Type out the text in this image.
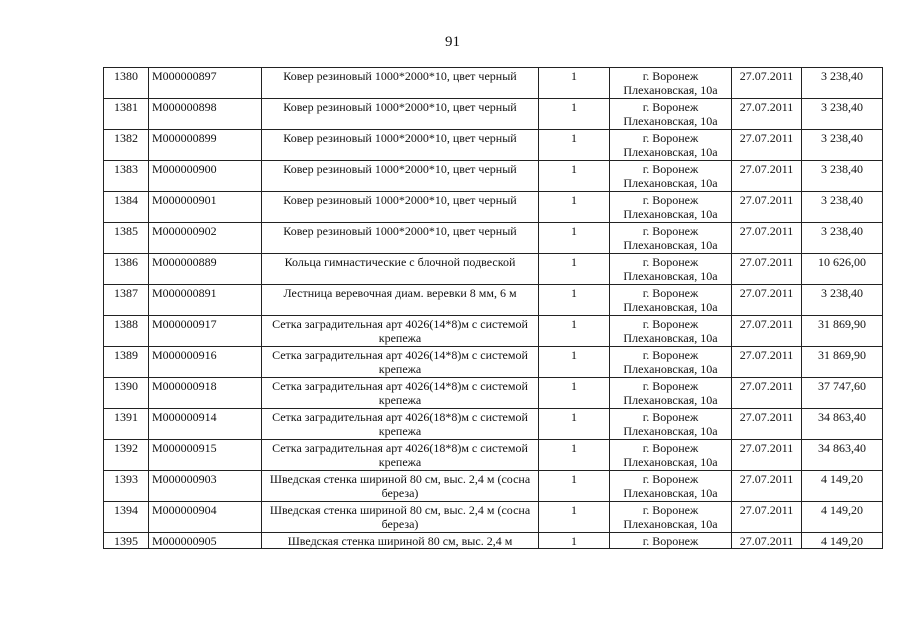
91
1380	М000000897	Ковер резиновый 1000*2000*10, цвет черный	1	г. Воронеж
Плехановская, 10а	27.07.2011	3 238,40
1381	М000000898	Ковер резиновый 1000*2000*10, цвет черный	1	г. Воронеж
Плехановская, 10а	27.07.2011	3 238,40
1382	М000000899	Ковер резиновый 1000*2000*10, цвет черный	1	г. Воронеж
Плехановская, 10а	27.07.2011	3 238,40
1383	М000000900	Ковер резиновый 1000*2000*10, цвет черный	1	г. Воронеж
Плехановская, 10а	27.07.2011	3 238,40
1384	М000000901	Ковер резиновый 1000*2000*10, цвет черный	1	г. Воронеж
Плехановская, 10а	27.07.2011	3 238,40
1385	М000000902	Ковер резиновый 1000*2000*10, цвет черный	1	г. Воронеж
Плехановская, 10а	27.07.2011	3 238,40
1386	М000000889	Кольца гимнастические с блочной подвеской	1	г. Воронеж
Плехановская, 10а	27.07.2011	10 626,00
1387	М000000891	Лестница веревочная диам. веревки 8 мм, 6 м	1	г. Воронеж
Плехановская, 10а	27.07.2011	3 238,40
1388	М000000917	Сетка заградительная арт 4026(14*8)м с системой крепежа	1	г. Воронеж
Плехановская, 10а	27.07.2011	31 869,90
1389	М000000916	Сетка заградительная арт 4026(14*8)м с системой крепежа	1	г. Воронеж
Плехановская, 10а	27.07.2011	31 869,90
1390	М000000918	Сетка заградительная арт 4026(14*8)м с системой крепежа	1	г. Воронеж
Плехановская, 10а	27.07.2011	37 747,60
1391	М000000914	Сетка заградительная арт 4026(18*8)м с системой крепежа	1	г. Воронеж
Плехановская, 10а	27.07.2011	34 863,40
1392	М000000915	Сетка заградительная арт 4026(18*8)м с системой крепежа	1	г. Воронеж
Плехановская, 10а	27.07.2011	34 863,40
1393	М000000903	Шведская стенка шириной 80 см, выс. 2,4 м (сосна береза)	1	г. Воронеж
Плехановская, 10а	27.07.2011	4 149,20
1394	М000000904	Шведская стенка шириной 80 см, выс. 2,4 м (сосна береза)	1	г. Воронеж
Плехановская, 10а	27.07.2011	4 149,20
1395	М000000905	Шведская стенка шириной 80 см, выс. 2,4 м	1	г. Воронеж	27.07.2011	4 149,20
